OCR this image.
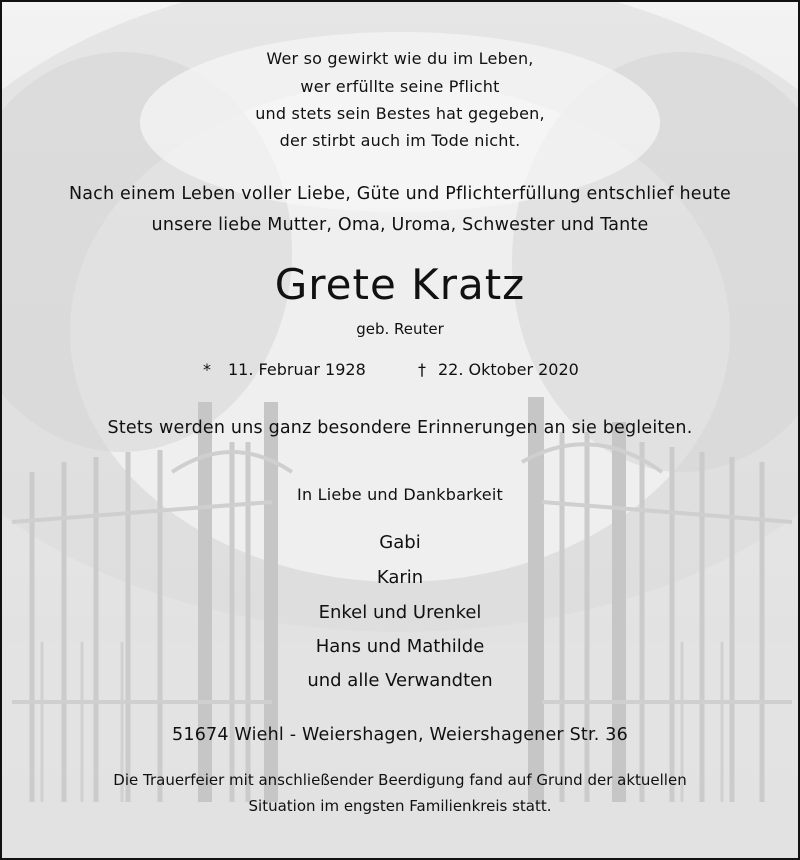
Wer so gewirkt wie du im Leben,
wer erfüllte seine Pflicht
und stets sein Bestes hat gegeben,
der stirbt auch im Tode nicht.
Nach einem Leben voller Liebe, Güte und Pflichterfüllung entschlief heute
unsere liebe Mutter, Oma, Uroma, Schwester und Tante
Grete Kratz
geb. Reuter
* 11. Februar 1928	† 22. Oktober 2020
Stets werden uns ganz besondere Erinnerungen an sie begleiten.
In Liebe und Dankbarkeit
Gabi
Karin
Enkel und Urenkel
Hans und Mathilde
und alle Verwandten
51674 Wiehl - Weiershagen, Weiershagener Str. 36
Die Trauerfeier mit anschließender Beerdigung fand auf Grund der aktuellen
Situation im engsten Familienkreis statt.
